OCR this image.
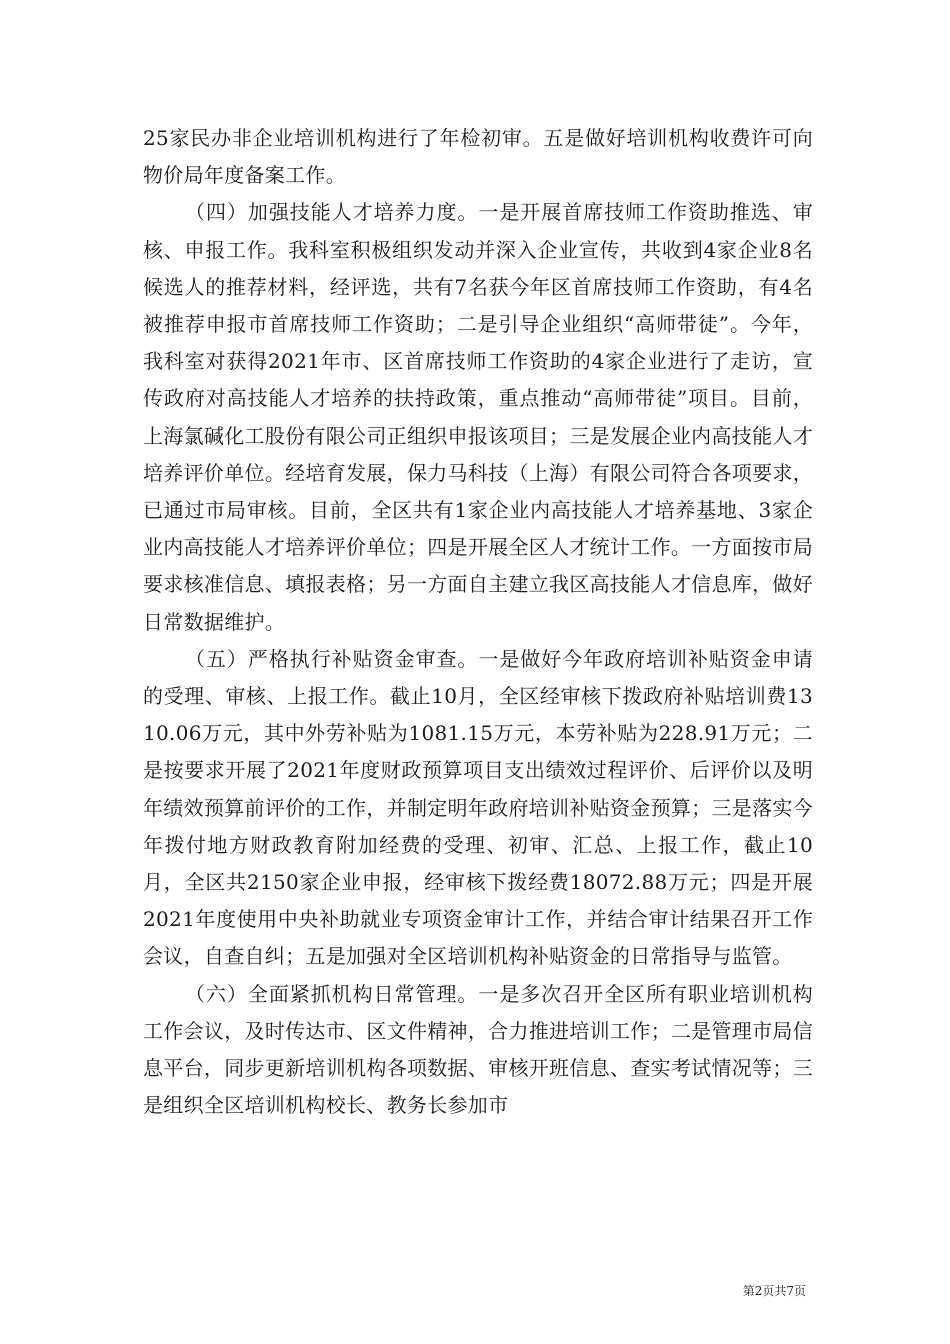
25家民办非企业培训机构进行了年检初审。五是做好培训机构收费许可向物价局年度备案工作。

（四）加强技能人才培养力度。一是开展首席技师工作资助推选、审核、申报工作。我科室积极组织发动并深入企业宣传，共收到4家企业8名候选人的推荐材料，经评选，共有7名获今年区首席技师工作资助，有4名被推荐申报市首席技师工作资助；二是引导企业组织“高师带徒”。今年，我科室对获得2021年市、区首席技师工作资助的4家企业进行了走访，宣传政府对高技能人才培养的扶持政策，重点推动“高师带徒”项目。目前，上海氯碱化工股份有限公司正组织申报该项目；三是发展企业内高技能人才培养评价单位。经培育发展，保力马科技（上海）有限公司符合各项要求，已通过市局审核。目前，全区共有1家企业内高技能人才培养基地、3家企业内高技能人才培养评价单位；四是开展全区人才统计工作。一方面按市局要求核准信息、填报表格；另一方面自主建立我区高技能人才信息库，做好日常数据维护。

（五）严格执行补贴资金审查。一是做好今年政府培训补贴资金申请的受理、审核、上报工作。截止10月，全区经审核下拨政府补贴培训费1310.06万元，其中外劳补贴为1081.15万元，本劳补贴为228.91万元；二是按要求开展了2021年度财政预算项目支出绩效过程评价、后评价以及明年绩效预算前评价的工作，并制定明年政府培训补贴资金预算；三是落实今年拨付地方财政教育附加经费的受理、初审、汇总、上报工作，截止10月，全区共2150家企业申报，经审核下拨经费18072.88万元；四是开展2021年度使用中央补助就业专项资金审计工作，并结合审计结果召开工作会议，自查自纠；五是加强对全区培训机构补贴资金的日常指导与监管。

（六）全面紧抓机构日常管理。一是多次召开全区所有职业培训机构工作会议，及时传达市、区文件精神，合力推进培训工作；二是管理市局信息平台，同步更新培训机构各项数据、审核开班信息、查实考试情况等；三是组织全区培训机构校长、教务长参加市

第2页共7页
